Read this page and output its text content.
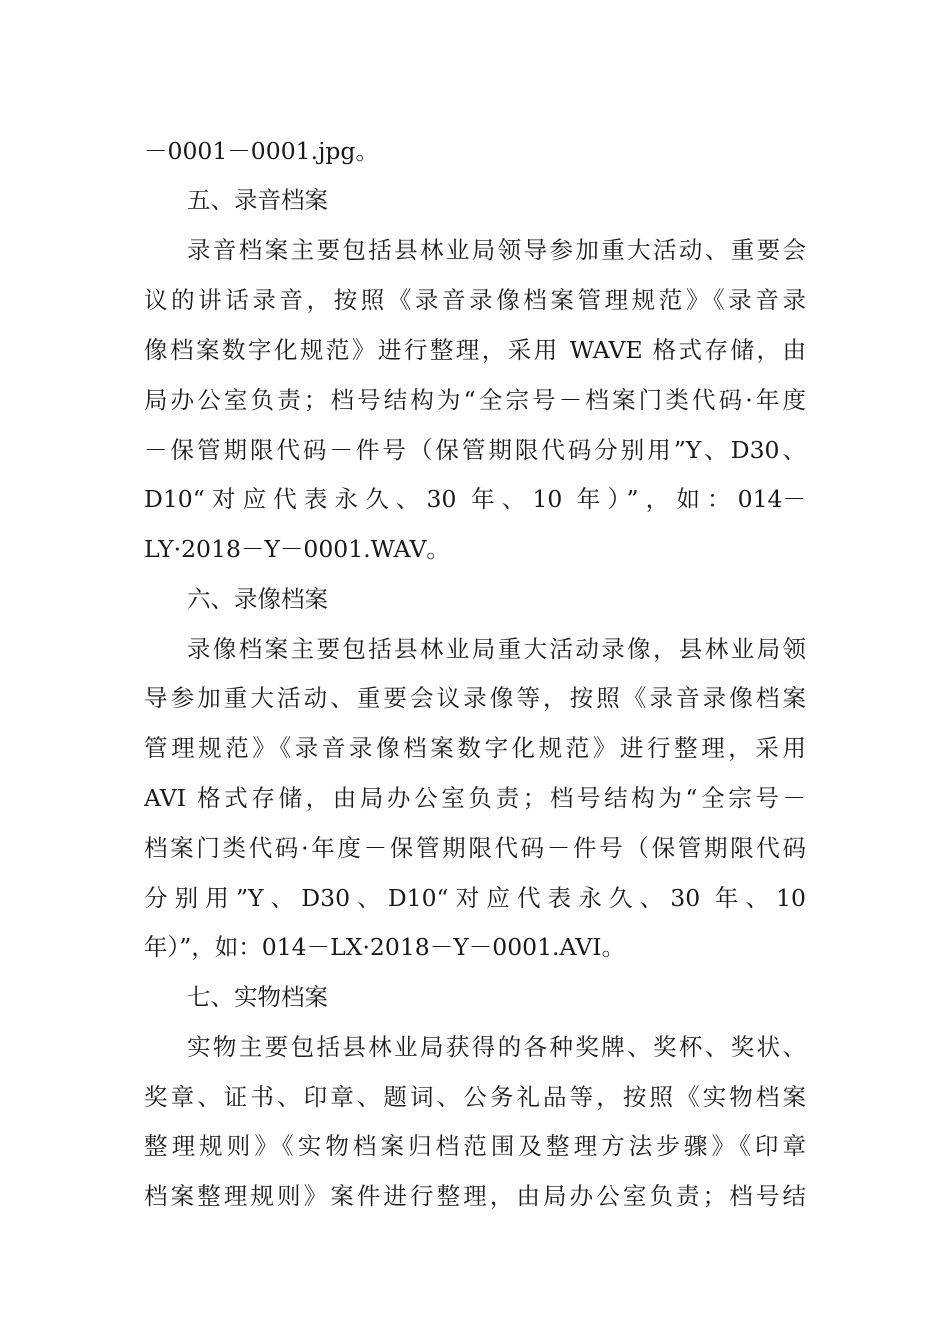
－0001－0001.jpg。
五、录音档案
录音档案主要包括县林业局领导参加重大活动、重要会
议的讲话录音，按照《录音录像档案管理规范》《录音录
像档案数字化规范》进行整理，采用 WAVE 格式存储，由
局办公室负责；档号结构为“全宗号－档案门类代码·年度
－保管期限代码－件号（保管期限代码分别用”Y、D30、
D10“对应代表永久、30 年、10 年）”，如：014－
LY·2018－Y－0001.WAV。
六、录像档案
录像档案主要包括县林业局重大活动录像，县林业局领
导参加重大活动、重要会议录像等，按照《录音录像档案
管理规范》《录音录像档案数字化规范》进行整理，采用
AVI 格式存储，由局办公室负责；档号结构为“全宗号－
档案门类代码·年度－保管期限代码－件号（保管期限代码
分别用”Y、D30、D10“对应代表永久、30 年、10
年）”，如：014－LX·2018－Y－0001.AVI。
七、实物档案
实物主要包括县林业局获得的各种奖牌、奖杯、奖状、
奖章、证书、印章、题词、公务礼品等，按照《实物档案
整理规则》《实物档案归档范围及整理方法步骤》《印章
档案整理规则》案件进行整理，由局办公室负责；档号结
